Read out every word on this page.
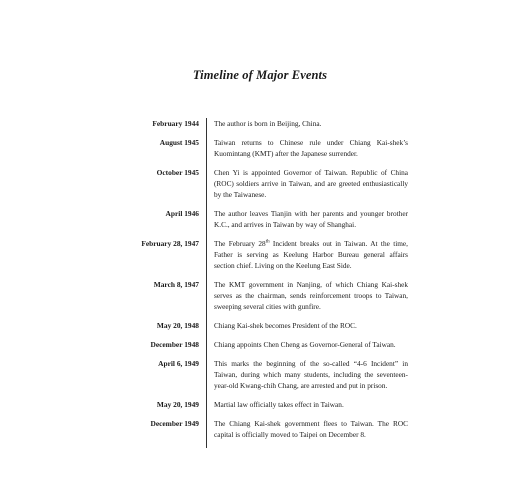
Timeline of Major Events
February 1944 The author is born in Beijing, China.
August 1945 Taiwan returns to Chinese rule under Chiang Kai-shek’s Kuomintang (KMT) after the Japanese surrender.
October 1945 Chen Yi is appointed Governor of Taiwan. Republic of China (ROC) soldiers arrive in Taiwan, and are greeted enthusiastically by the Taiwanese.
April 1946 The author leaves Tianjin with her parents and younger brother K.C., and arrives in Taiwan by way of Shanghai.
February 28, 1947 The February 28th Incident breaks out in Taiwan. At the time, Father is serving as Keelung Harbor Bureau general affairs section chief. Living on the Keelung East Side.
March 8, 1947 The KMT government in Nanjing, of which Chiang Kai-shek serves as the chairman, sends reinforcement troops to Taiwan, sweeping several cities with gunfire.
May 20, 1948 Chiang Kai-shek becomes President of the ROC.
December 1948 Chiang appoints Chen Cheng as Governor-General of Taiwan.
April 6, 1949 This marks the beginning of the so-called “4-6 Incident” in Taiwan, during which many students, including the seventeen-year-old Kwang-chih Chang, are arrested and put in prison.
May 20, 1949 Martial law officially takes effect in Taiwan.
December 1949 The Chiang Kai-shek government flees to Taiwan. The ROC capital is officially moved to Taipei on December 8.
